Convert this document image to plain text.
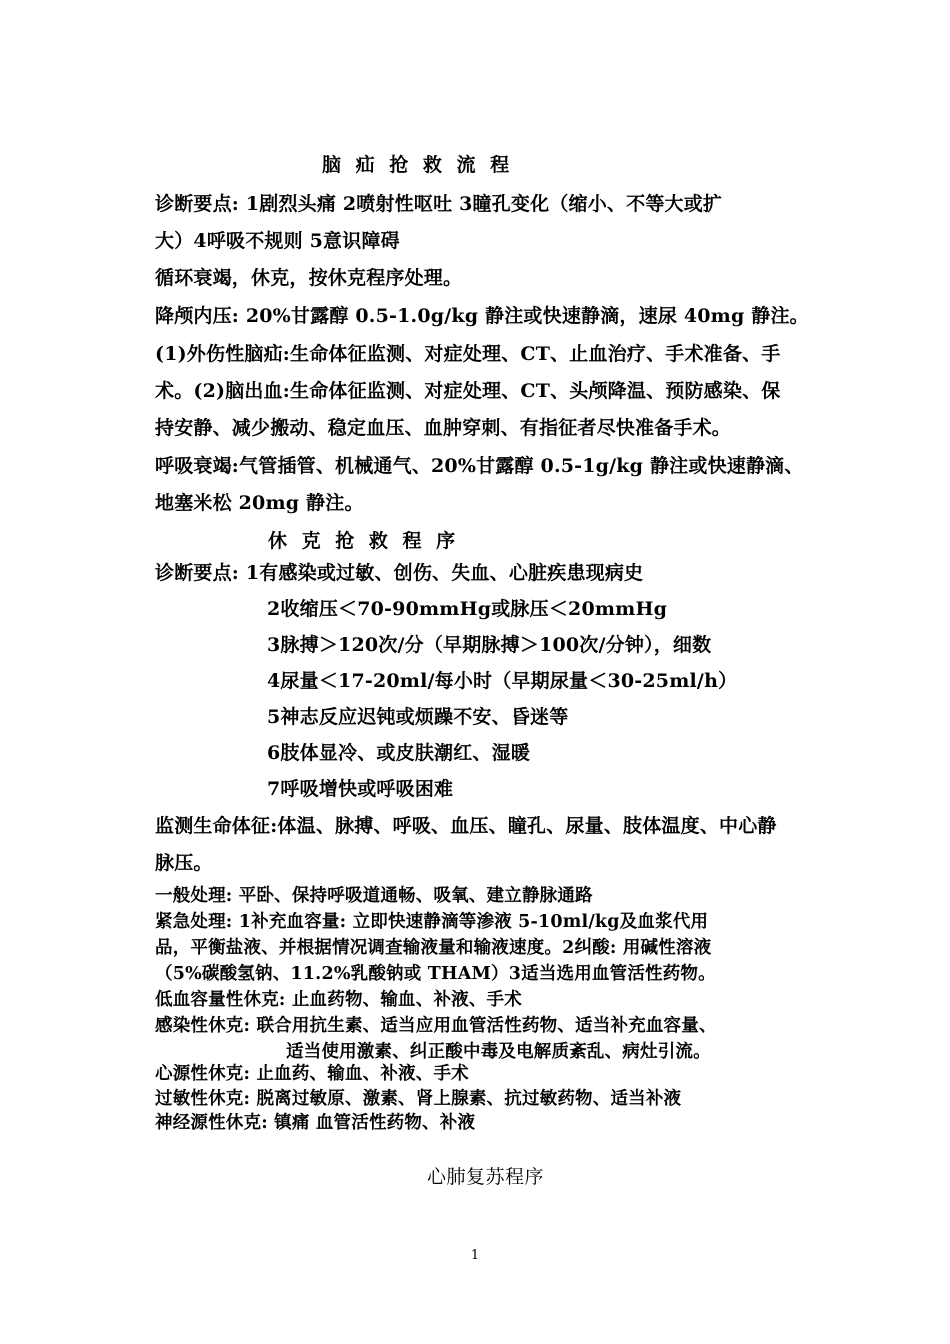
脑 疝 抢 救 流 程
诊断要点: 1剧烈头痛 2喷射性呕吐 3瞳孔变化（缩小、不等大或扩
大）4呼吸不规则 5意识障碍
循环衰竭，休克，按休克程序处理。
降颅内压: 20%甘露醇 0.5-1.0g/kg 静注或快速静滴，速尿 40mg 静注。
(1)外伤性脑疝:生命体征监测、对症处理、CT、止血治疗、手术准备、手
术。(2)脑出血:生命体征监测、对症处理、CT、头颅降温、预防感染、保
持安静、减少搬动、稳定血压、血肿穿刺、有指征者尽快准备手术。
呼吸衰竭:气管插管、机械通气、20%甘露醇 0.5-1g/kg 静注或快速静滴、
地塞米松 20mg 静注。
休 克 抢 救 程 序
诊断要点: 1有感染或过敏、创伤、失血、心脏疾患现病史
2收缩压＜70-90mmHg或脉压＜20mmHg
3脉搏＞120次/分（早期脉搏＞100次/分钟），细数
4尿量＜17-20ml/每小时（早期尿量＜30-25ml/h）
5神志反应迟钝或烦躁不安、昏迷等
6肢体显冷、或皮肤潮红、湿暖
7呼吸增快或呼吸困难
监测生命体征:体温、脉搏、呼吸、血压、瞳孔、尿量、肢体温度、中心静
脉压。
一般处理: 平卧、保持呼吸道通畅、吸氧、建立静脉通路
紧急处理: 1补充血容量: 立即快速静滴等渗液 5-10ml/kg及血浆代用
品，平衡盐液、并根据情况调查输液量和输液速度。2纠酸: 用碱性溶液
（5%碳酸氢钠、11.2%乳酸钠或 THAM）3适当选用血管活性药物。
低血容量性休克: 止血药物、输血、补液、手术
感染性休克: 联合用抗生素、适当应用血管活性药物、适当补充血容量、
适当使用激素、纠正酸中毒及电解质紊乱、病灶引流。
心源性休克: 止血药、输血、补液、手术
过敏性休克: 脱离过敏原、激素、肾上腺素、抗过敏药物、适当补液
神经源性休克: 镇痛 血管活性药物、补液
心肺复苏程序
1
